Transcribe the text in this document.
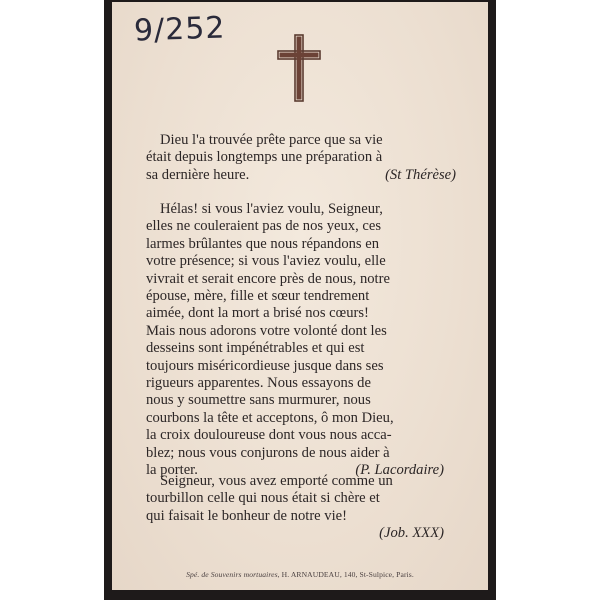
9/252
Dieu l'a trouvée prête parce que sa vie
était depuis longtemps une préparation à
sa dernière heure.	(St Thérèse)
Hélas! si vous l'aviez voulu, Seigneur,
elles ne couleraient pas de nos yeux, ces
larmes brûlantes que nous répandons en
votre présence; si vous l'aviez voulu, elle
vivrait et serait encore près de nous, notre
épouse, mère, fille et sœur tendrement
aimée, dont la mort a brisé nos cœurs!
Mais nous adorons votre volonté dont les
desseins sont impénétrables et qui est
toujours miséricordieuse jusque dans ses
rigueurs apparentes. Nous essayons de
nous y soumettre sans murmurer, nous
courbons la tête et acceptons, ô mon Dieu,
la croix douloureuse dont vous nous acca-
blez; nous vous conjurons de nous aider à
la porter.	(P. Lacordaire)
Seigneur, vous avez emporté comme un
tourbillon celle qui nous était si chère et
qui faisait le bonheur de notre vie!
(Job. XXX)
Spé. de Souvenirs mortuaires, H. ARNAUDEAU, 140, St-Sulpice, Paris.
